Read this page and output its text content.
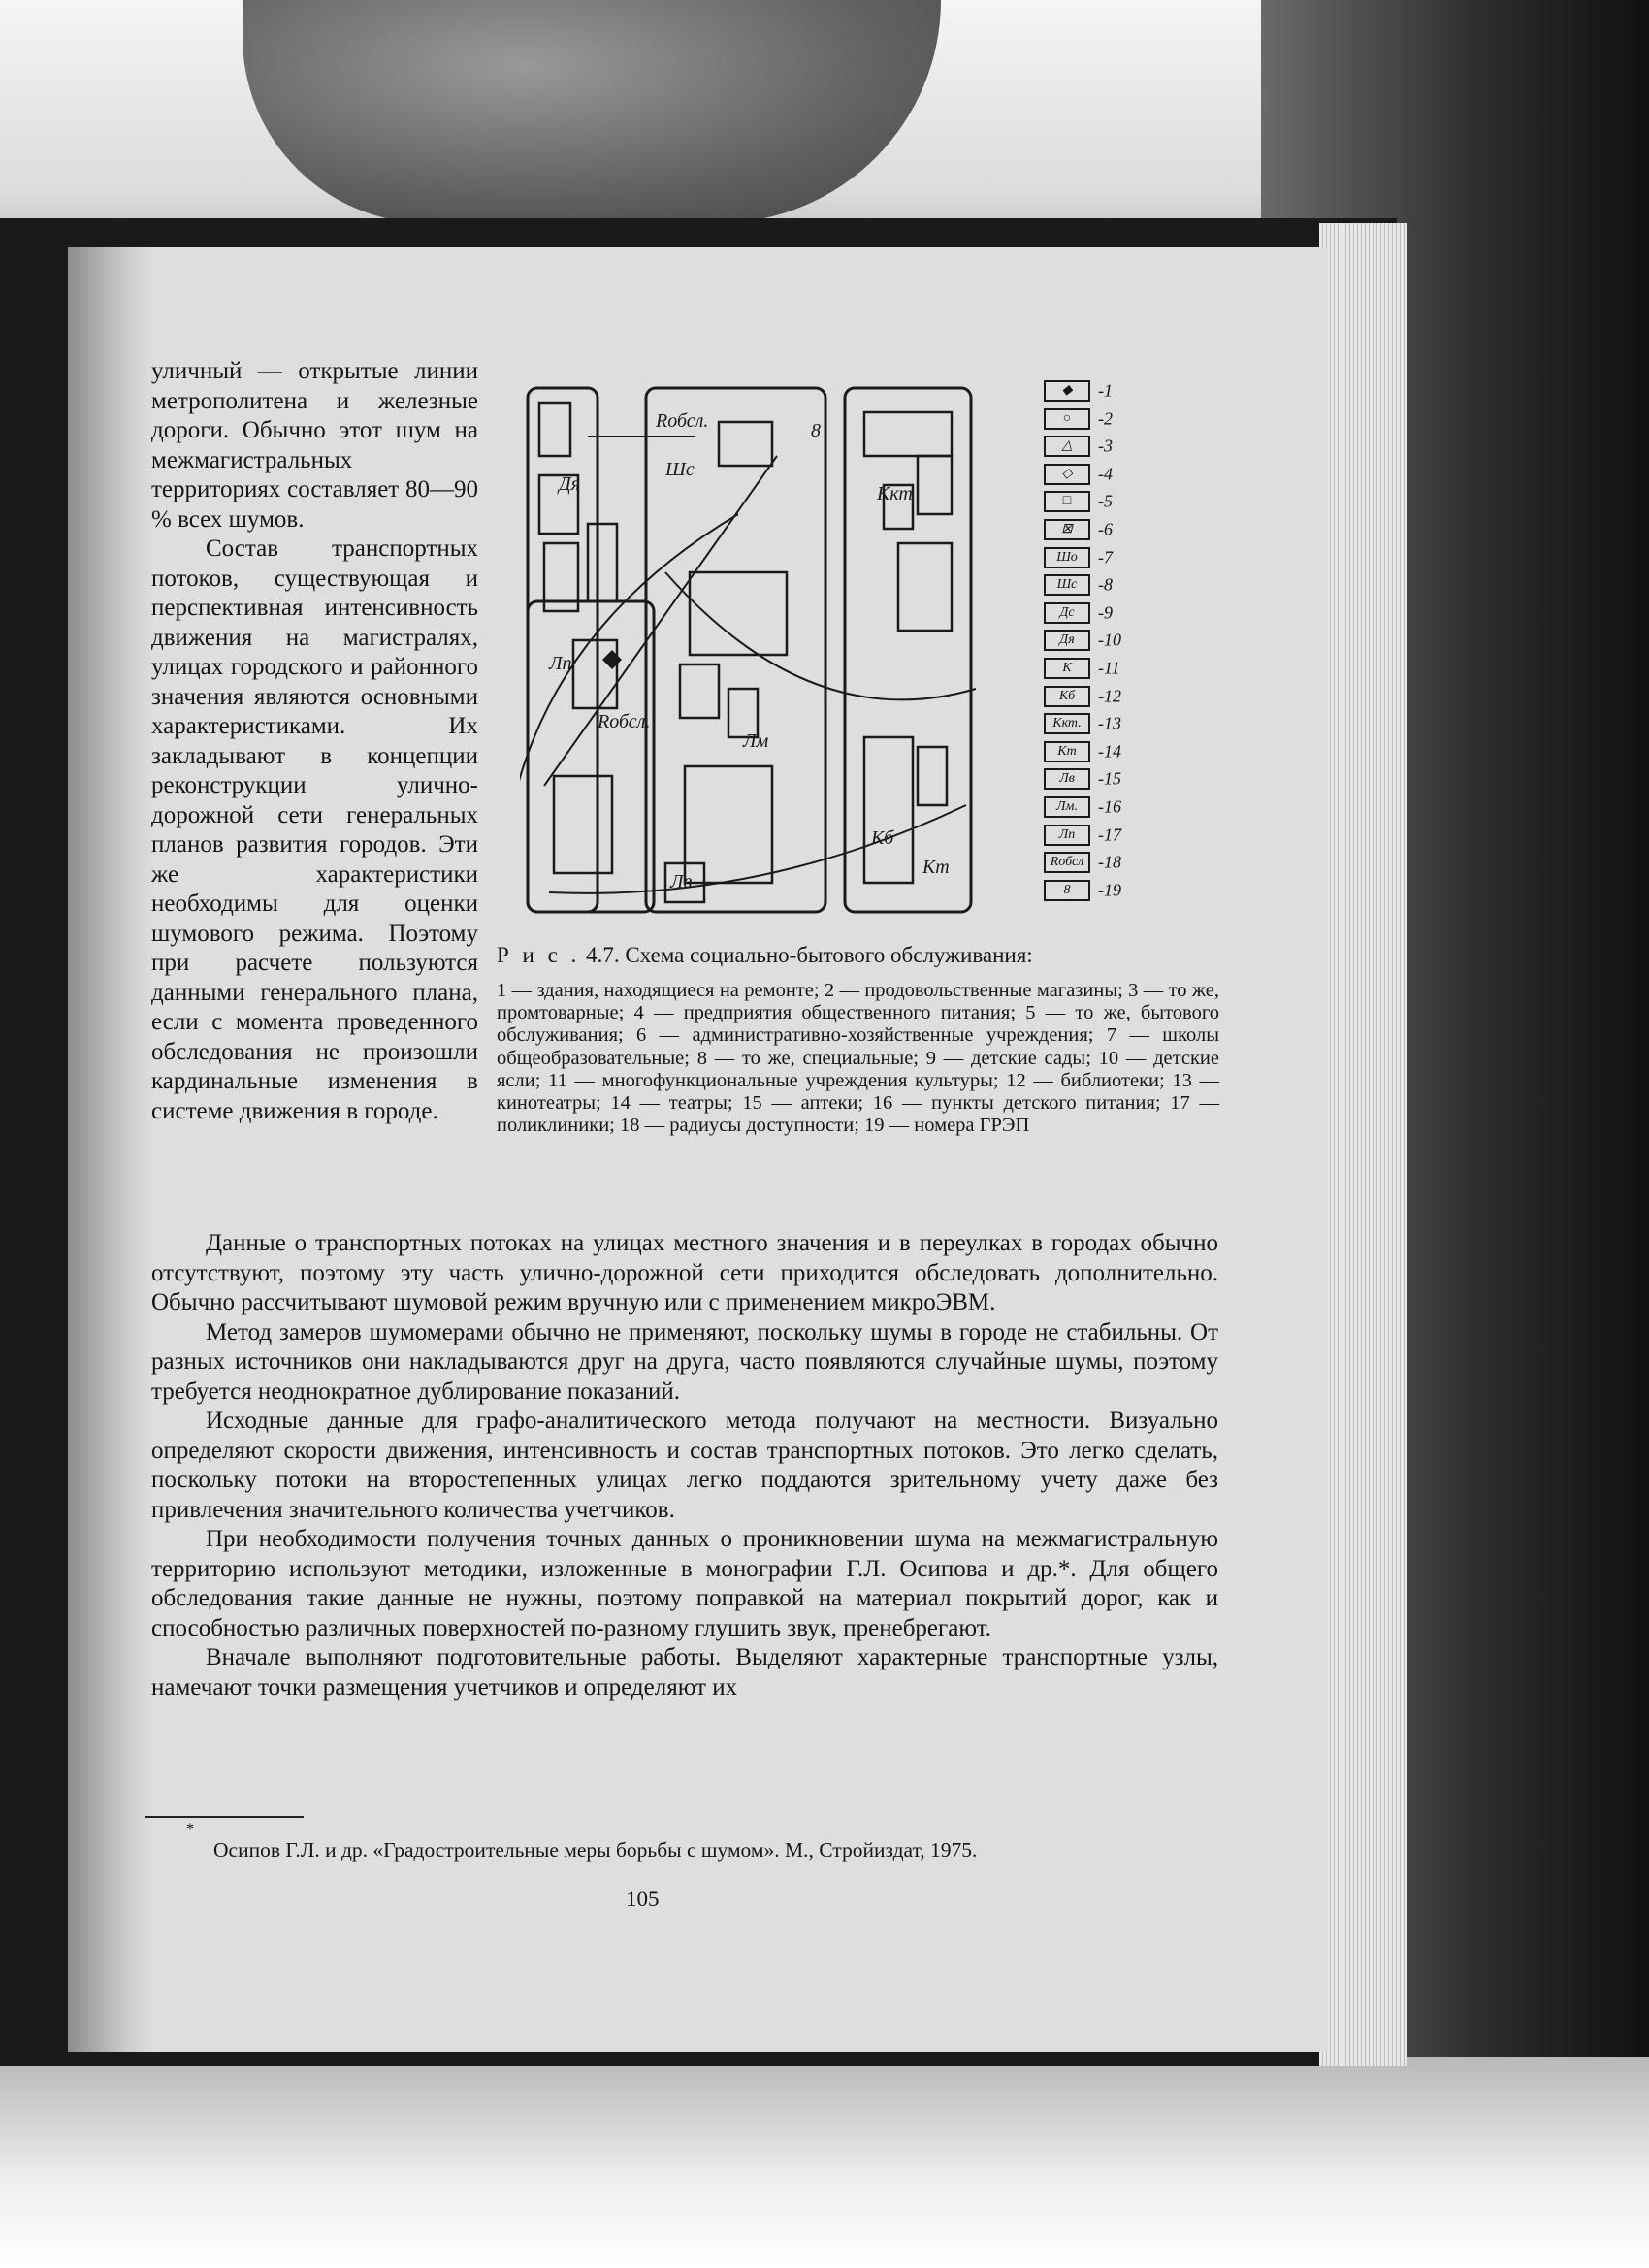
уличный — открытые линии метрополитена и железные дороги. Обычно этот шум на межмагистральных территориях составляет 80—90 % всех шумов.

Состав транспортных потоков, существующая и перспективная интенсивность движения на магистралях, улицах городского и районного значения являются основными характеристиками. Их закладывают в концепции реконструкции улично-дорожной сети генеральных планов развития городов. Эти же характеристики необходимы для оценки шумового режима. Поэтому при расчете пользуются данными генерального плана, если с момента проведенного обследования не произошли кардинальные изменения в системе движения в городе.

Rобсл.	8
Дя
Лп
Rобсл.
Шс
Ккт
Лм
Лв
Кб
Кт
Р и с . 4.7. Схема социально-бытового обслуживания:
1 — здания, находящиеся на ремонте; 2 — продовольственные магазины; 3 — то же, промтоварные; 4 — предприятия общественного питания; 5 — то же, бытового обслуживания; 6 — административно-хозяйственные учреждения; 7 — школы общеобразовательные; 8 — то же, специальные; 9 — детские сады; 10 — детские ясли; 11 — многофункциональные учреждения культуры; 12 — библиотеки; 13 — кинотеатры; 14 — театры; 15 — аптеки; 16 — пункты детского питания; 17 — поликлиники; 18 — радиусы доступности; 19 — номера ГРЭП

Данные о транспортных потоках на улицах местного значения и в переулках в городах обычно отсутствуют, поэтому эту часть улично-дорожной сети приходится обследовать дополнительно. Обычно рассчитывают шумовой режим вручную или с применением микроЭВМ.

Метод замеров шумомерами обычно не применяют, поскольку шумы в городе не стабильны. От разных источников они накладываются друг на друга, часто появляются случайные шумы, поэтому требуется неоднократное дублирование показаний.

Исходные данные для графо-аналитического метода получают на местности. Визуально определяют скорости движения, интенсивность и состав транспортных потоков. Это легко сделать, поскольку потоки на второстепенных улицах легко поддаются зрительному учету даже без привлечения значительного количества учетчиков.

При необходимости получения точных данных о проникновении шума на межмагистральную территорию используют методики, изложенные в монографии Г.Л. Осипова и др.*. Для общего обследования такие данные не нужны, поэтому поправкой на материал покрытий дорог, как и способностью различных поверхностей по-разному глушить звук, пренебрегают.

Вначале выполняют подготовительные работы. Выделяют характерные транспортные узлы, намечают точки размещения учетчиков и определяют их

*
Осипов Г.Л. и др. «Градостроительные меры борьбы с шумом». М., Стройиздат, 1975.
105
◆ -1
○ -2
△ -3
◇ -4
□ -5
⊠ -6
Шо -7
Шс -8
Дс -9
Дя -10
К -11
Кб -12
Ккт. -13
Кт -14
Лв -15
Лм. -16
Лп -17
Rобсл -18
8 -19
